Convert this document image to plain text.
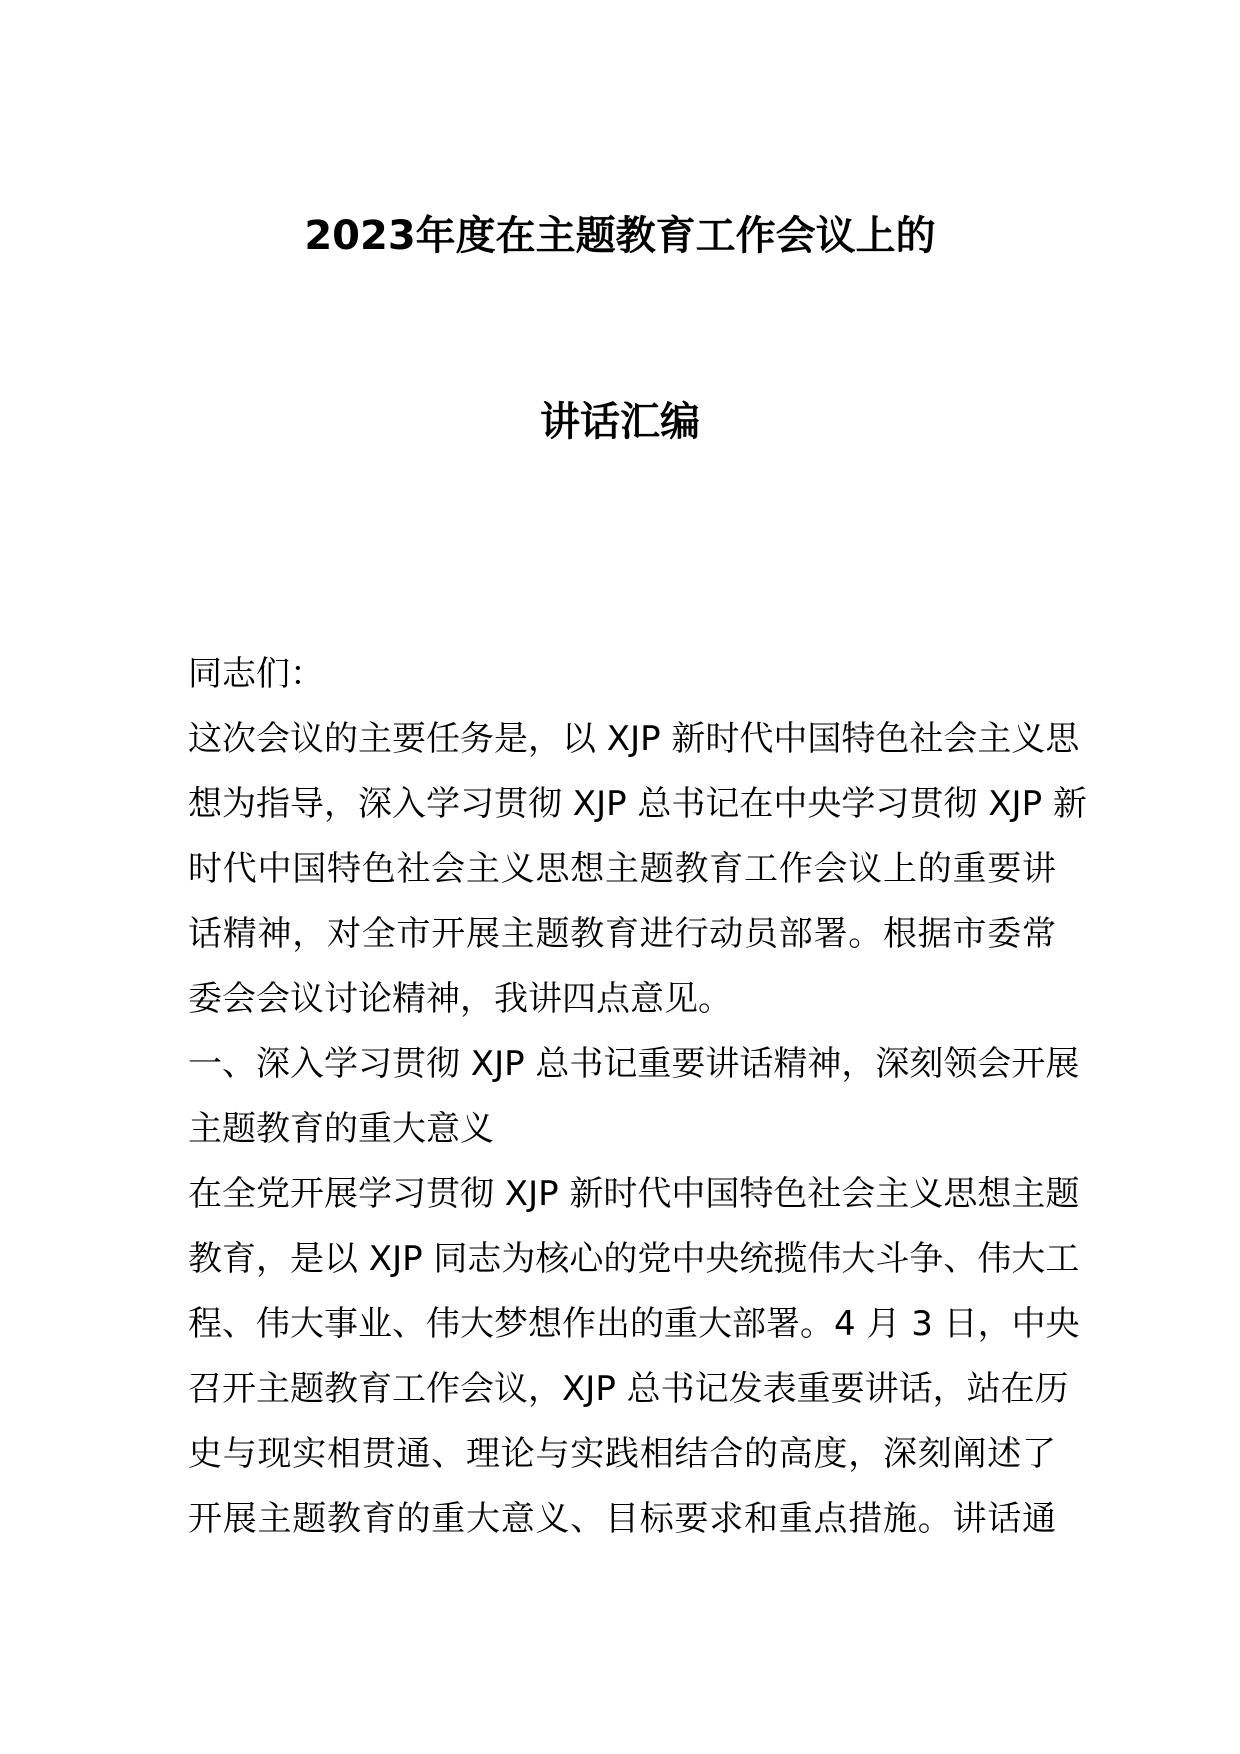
2023年度在主题教育工作会议上的
讲话汇编
同志们：
这次会议的主要任务是，以 XJP 新时代中国特色社会主义思
想为指导，深入学习贯彻 XJP 总书记在中央学习贯彻 XJP 新
时代中国特色社会主义思想主题教育工作会议上的重要讲
话精神，对全市开展主题教育进行动员部署。根据市委常
委会会议讨论精神，我讲四点意见。
一、深入学习贯彻 XJP 总书记重要讲话精神，深刻领会开展
主题教育的重大意义
在全党开展学习贯彻 XJP 新时代中国特色社会主义思想主题
教育，是以 XJP 同志为核心的党中央统揽伟大斗争、伟大工
程、伟大事业、伟大梦想作出的重大部署。4 月 3 日，中央
召开主题教育工作会议，XJP 总书记发表重要讲话，站在历
史与现实相贯通、理论与实践相结合的高度，深刻阐述了
开展主题教育的重大意义、目标要求和重点措施。讲话通
